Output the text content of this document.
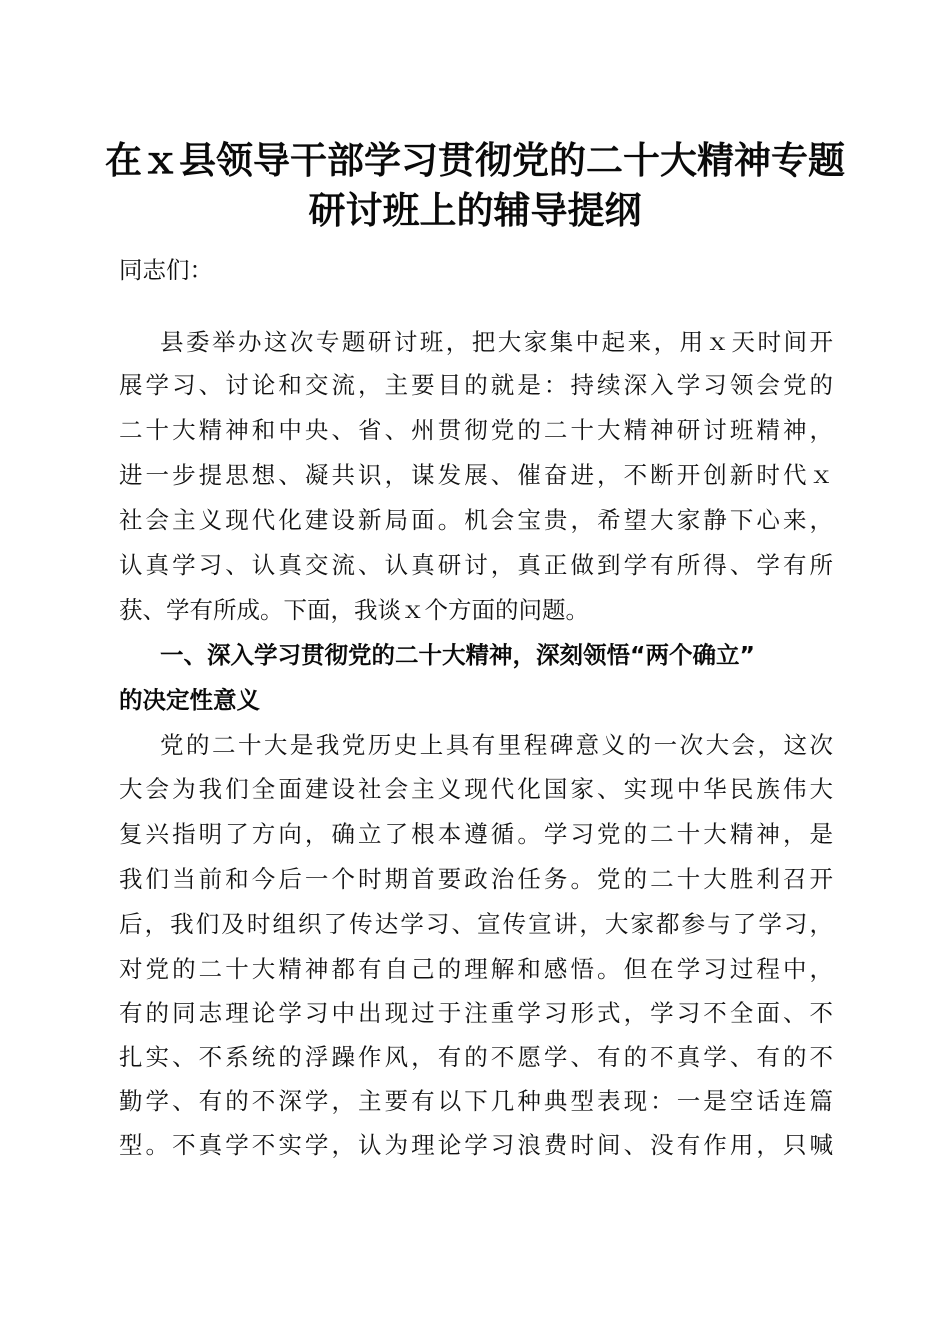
在ｘ县领导干部学习贯彻党的二十大精神专题
研讨班上的辅导提纲
同志们：
县委举办这次专题研讨班，把大家集中起来，用ｘ天时间开
展学习、讨论和交流，主要目的就是：持续深入学习领会党的
二十大精神和中央、省、州贯彻党的二十大精神研讨班精神，
进一步提思想、凝共识，谋发展、催奋进，不断开创新时代ｘ
社会主义现代化建设新局面。机会宝贵，希望大家静下心来，
认真学习、认真交流、认真研讨，真正做到学有所得、学有所
获、学有所成。下面，我谈ｘ个方面的问题。
一、深入学习贯彻党的二十大精神，深刻领悟“两个确立”
的决定性意义
党的二十大是我党历史上具有里程碑意义的一次大会，这次
大会为我们全面建设社会主义现代化国家、实现中华民族伟大
复兴指明了方向，确立了根本遵循。学习党的二十大精神，是
我们当前和今后一个时期首要政治任务。党的二十大胜利召开
后，我们及时组织了传达学习、宣传宣讲，大家都参与了学习，
对党的二十大精神都有自己的理解和感悟。但在学习过程中，
有的同志理论学习中出现过于注重学习形式，学习不全面、不
扎实、不系统的浮躁作风，有的不愿学、有的不真学、有的不
勤学、有的不深学，主要有以下几种典型表现：一是空话连篇
型。不真学不实学，认为理论学习浪费时间、没有作用，只喊
